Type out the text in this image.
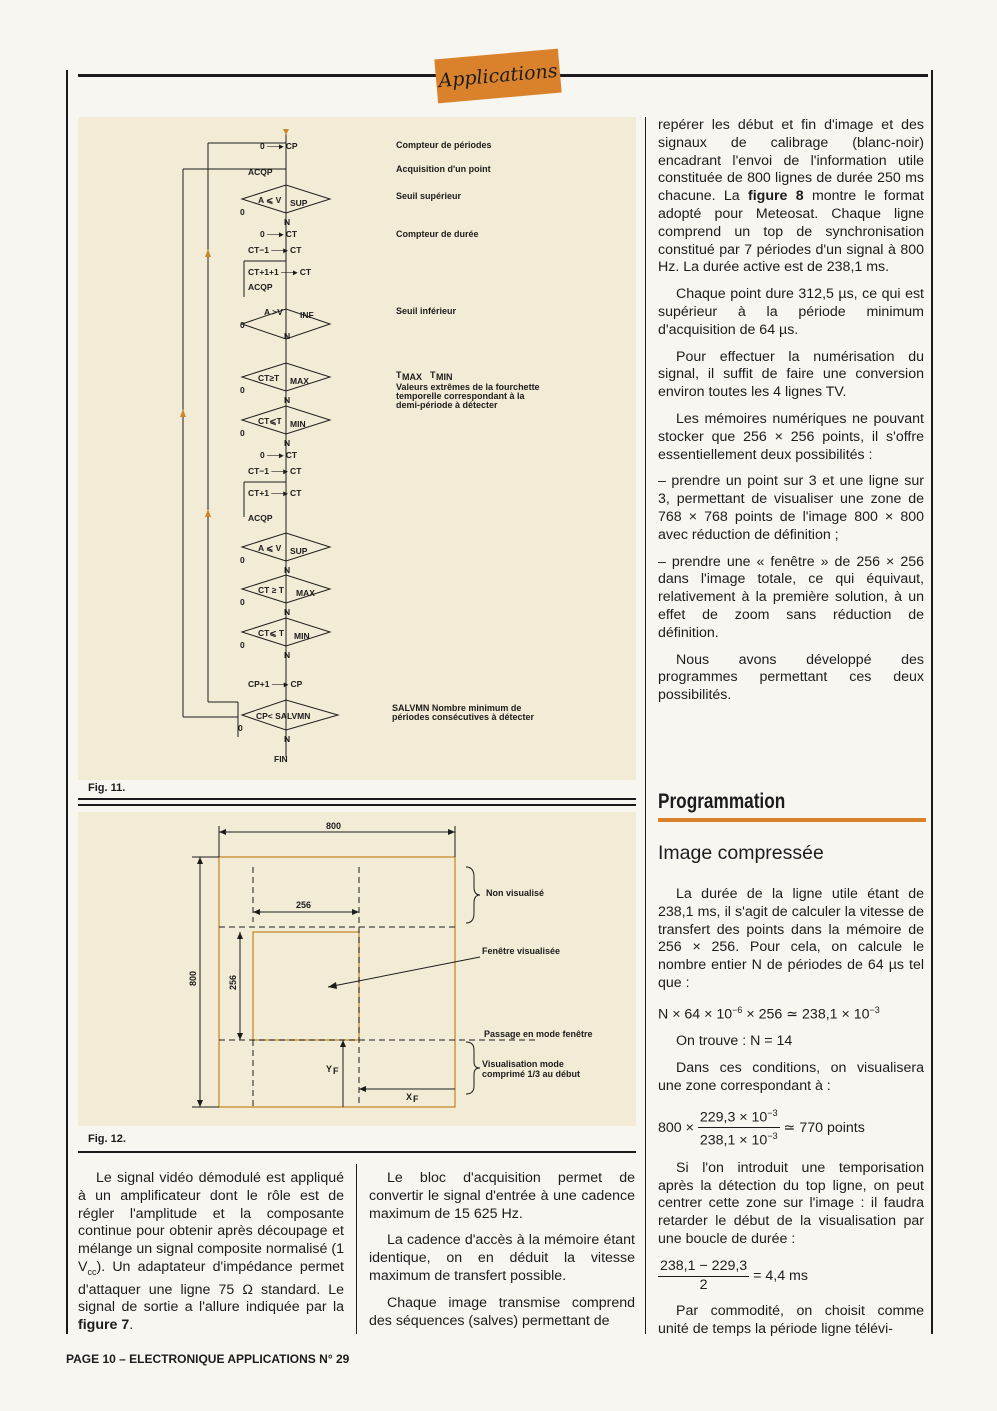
Applications
0 ──▸ CP
ACQP
A ⩽ V SUP
0
N
0 ──▸ CT
CT−1 ──▸ CT
CT+1+1 ──▸ CT
ACQP
A >V INF
0
N
CT≥T MAX
0
N
CT⩽T MIN
0
N
0 ──▸ CT
CT−1 ──▸ CT
CT+1 ──▸ CT
ACQP
A ⩽ V SUP
0
N
CT ≥ T MAX
0
N
CT⩽ T MIN
0
N
CP+1 ──▸ CP
CP< SALVMN
0
N
FIN
Compteur de périodes
Acquisition d'un point
Seuil supérieur
Compteur de durée
Seuil inférieur
T MAX T MIN
Valeurs extrêmes de la fourchette
temporelle correspondant à la
demi-période à détecter
SALVMN Nombre minimum de
périodes consécutives à détecter
Fig. 11.
800
256
800	256
Y F
X F
Non visualisé
Fenêtre visualisée
Passage en mode fenêtre
Visualisation mode
comprimé 1/3 au début
Fig. 12.

Le signal vidéo démodulé est appliqué à un amplificateur dont le rôle est de régler l'amplitude et la composante continue pour obtenir après découpage et mélange un signal composite normalisé (1 $V_{cc}$). Un adaptateur d'impédance permet d'attaquer une ligne 75 Ω standard. Le signal de sortie a l'allure indiquée par la figure 7.

Le bloc d'acquisition permet de convertir le signal d'entrée à une cadence maximum de 15 625 Hz.

La cadence d'accès à la mémoire étant identique, on en déduit la vitesse maximum de transfert possible.

Chaque image transmise comprend des séquences (salves) permettant de

repérer les début et fin d'image et des signaux de calibrage (blanc-noir) encadrant l'envoi de l'information utile constituée de 800 lignes de durée 250 ms chacune. La figure 8 montre le format adopté pour Meteosat. Chaque ligne comprend un top de synchronisation constitué par 7 périodes d'un signal à 800 Hz. La durée active est de 238,1 ms.

Chaque point dure 312,5 µs, ce qui est supérieur à la période minimum d'acquisition de 64 µs.

Pour effectuer la numérisation du signal, il suffit de faire une conversion environ toutes les 4 lignes TV.

Les mémoires numériques ne pouvant stocker que 256 × 256 points, il s'offre essentiellement deux possibilités :

– prendre un point sur 3 et une ligne sur 3, permettant de visualiser une zone de 768 × 768 points de l'image 800 × 800 avec réduction de définition ;

– prendre une « fenêtre » de 256 × 256 dans l'image totale, ce qui équivaut, relativement à la première solution, à un effet de zoom sans réduction de définition.

Nous avons développé des programmes permettant ces deux possibilités.

Programmation
Image compressée

La durée de la ligne utile étant de 238,1 ms, il s'agit de calculer la vitesse de transfert des points dans la mémoire de 256 × 256. Pour cela, on calcule le nombre entier N de périodes de 64 µs tel que :

$N \times 64 \times 10^{-6} \times 256$ ≃ $238,1 \times 10^{-3}$

On trouve : N = 14

Dans ces conditions, on visualisera une zone correspondant à :

$800 \times \frac{229,3 \times 10^{-3}}{238,1 \times 10^{-3}}$ ≃ 770 points

Si l'on introduit une temporisation après la détection du top ligne, on peut centrer cette zone sur l'image : il faudra retarder le début de la visualisation par une boucle de durée :

$\frac{238,1 - 229,3}{2} = 4,4$ ms

Par commodité, on choisit comme unité de temps la période ligne télévi-

PAGE 10 – ELECTRONIQUE APPLICATIONS N° 29
